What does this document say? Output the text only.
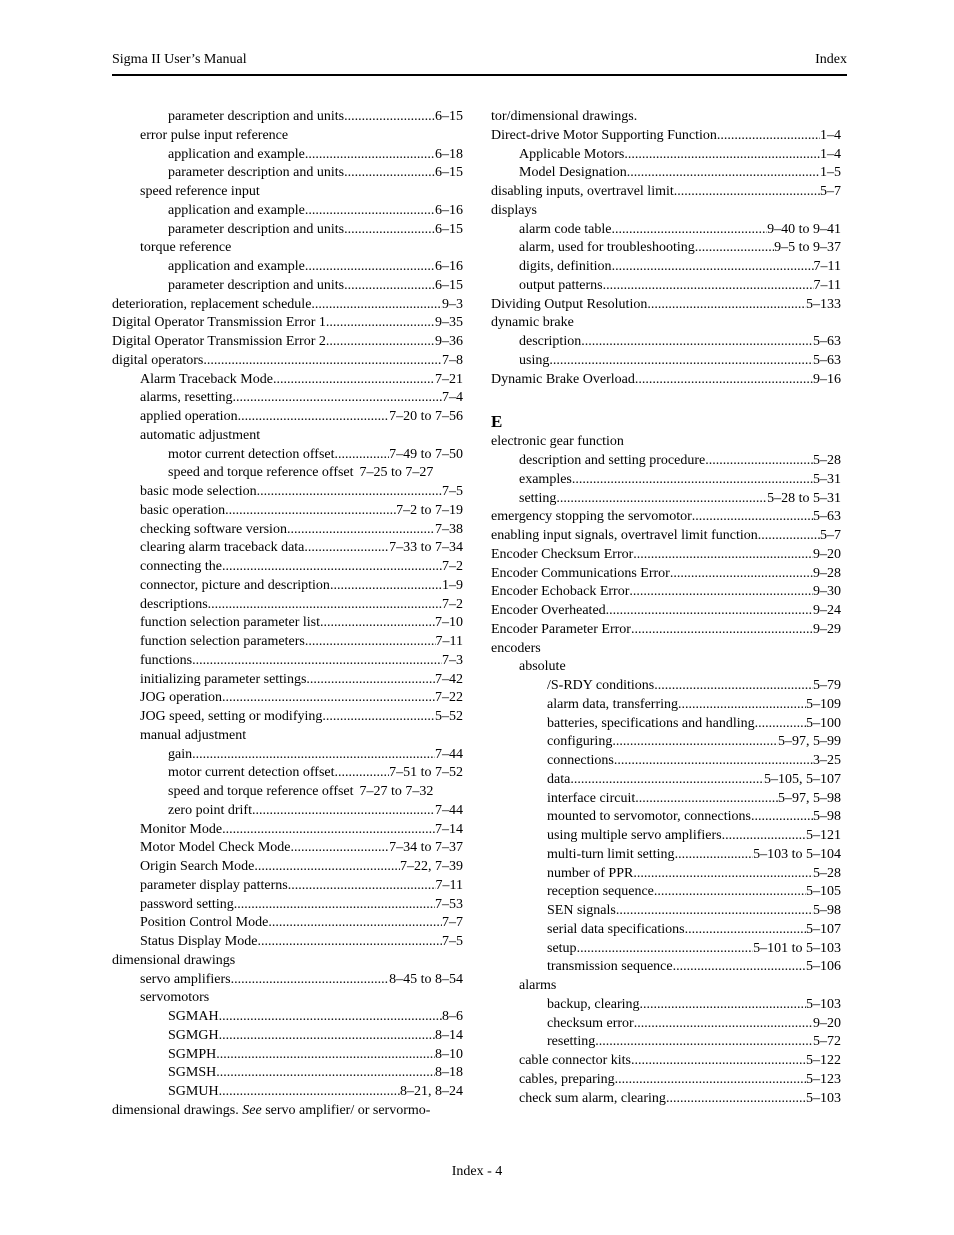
Sigma II User’s Manual	Index
parameter description and units .....	6–15
error pulse input reference
application and example .....	6–18
parameter description and units .....	6–15
speed reference input
application and example .....	6–16
parameter description and units .....	6–15
torque reference
application and example .....	6–16
parameter description and units .....	6–15
deterioration, replacement schedule .....	9–3
Digital Operator Transmission Error 1 .....	9–35
Digital Operator Transmission Error 2 .....	9–36
digital operators .....	7–8
Alarm Traceback Mode .....	7–21
alarms, resetting .....	7–4
applied operation .....	7–20 to 7–56
automatic adjustment
motor current detection offset .....	7–49 to 7–50
speed and torque reference offset 7–25 to 7–27
basic mode selection .....	7–5
basic operation .....	7–2 to 7–19
checking software version .....	7–38
clearing alarm traceback data .....	7–33 to 7–34
connecting the .....	7–2
connector, picture and description .....	1–9
descriptions .....	7–2
function selection parameter list .....	7–10
function selection parameters .....	7–11
functions .....	7–3
initializing parameter settings .....	7–42
JOG operation .....	7–22
JOG speed, setting or modifying .....	5–52
manual adjustment
gain .....	7–44
motor current detection offset .....	7–51 to 7–52
speed and torque reference offset 7–27 to 7–32
zero point drift .....	7–44
Monitor Mode .....	7–14
Motor Model Check Mode .....	7–34 to 7–37
Origin Search Mode .....	7–22, 7–39
parameter display patterns .....	7–11
password setting .....	7–53
Position Control Mode .....	7–7
Status Display Mode .....	7–5
dimensional drawings
servo amplifiers .....	8–45 to 8–54
servomotors
SGMAH .....	8–6
SGMGH .....	8–14
SGMPH .....	8–10
SGMSH .....	8–18
SGMUH .....	8–21, 8–24
dimensional drawings. See servo amplifier/ or servormo-
tor/dimensional drawings.
Direct-drive Motor Supporting Function .....	1–4
Applicable Motors .....	1–4
Model Designation .....	1–5
disabling inputs, overtravel limit .....	5–7
displays
alarm code table .....	9–40 to 9–41
alarm, used for troubleshooting .....	9–5 to 9–37
digits, definition .....	7–11
output patterns .....	7–11
Dividing Output Resolution .....	5–133
dynamic brake
description .....	5–63
using .....	5–63
Dynamic Brake Overload .....	9–16
E
electronic gear function
description and setting procedure .....	5–28
examples .....	5–31
setting .....	5–28 to 5–31
emergency stopping the servomotor .....	5–63
enabling input signals, overtravel limit function .....	5–7
Encoder Checksum Error .....	9–20
Encoder Communications Error .....	9–28
Encoder Echoback Error .....	9–30
Encoder Overheated .....	9–24
Encoder Parameter Error .....	9–29
encoders
absolute
/S-RDY conditions .....	5–79
alarm data, transferring .....	5–109
batteries, specifications and handling .....	5–100
configuring .....	5–97, 5–99
connections .....	3–25
data .....	5–105, 5–107
interface circuit .....	5–97, 5–98
mounted to servomotor, connections .....	5–98
using multiple servo amplifiers .....	5–121
multi-turn limit setting .....	5–103 to 5–104
number of PPR .....	5–28
reception sequence .....	5–105
SEN signals .....	5–98
serial data specifications .....	5–107
setup .....	5–101 to 5–103
transmission sequence .....	5–106
alarms
backup, clearing .....	5–103
checksum error .....	9–20
resetting .....	5–72
cable connector kits .....	5–122
cables, preparing .....	5–123
check sum alarm, clearing .....	5–103
Index - 4
